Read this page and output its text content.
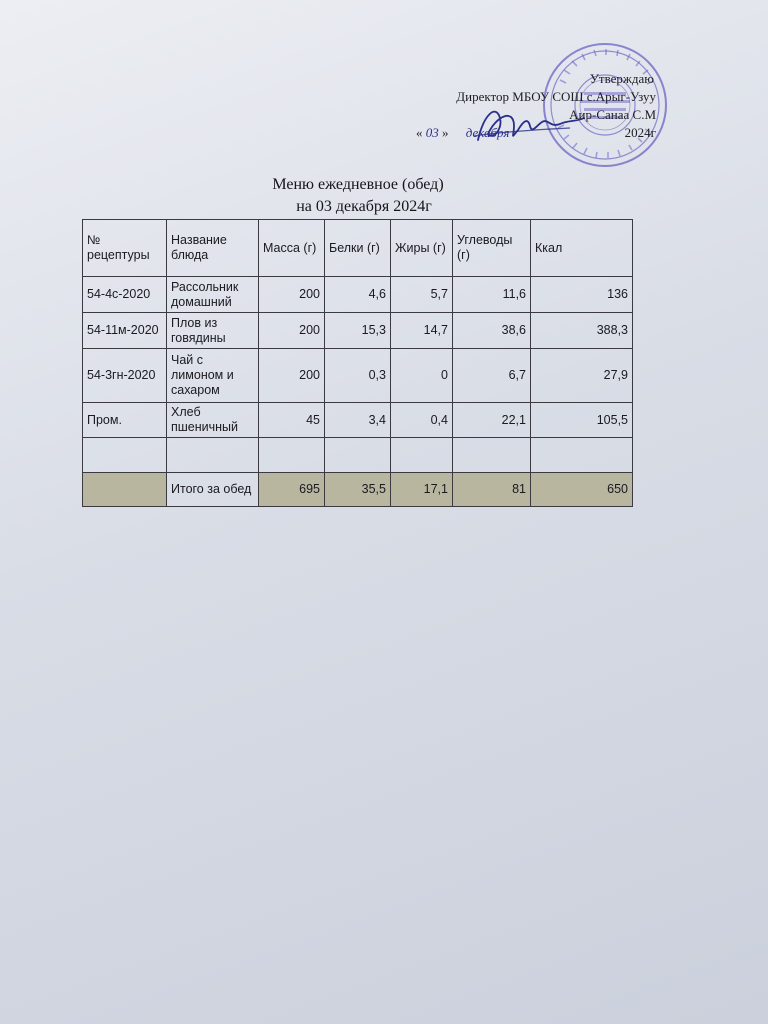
Утверждаю
Директор МБОУ СОШ с.Арыг-Узуу
Аир-Санаа С.М
« 03 » декабря	2024г
Меню ежедневное (обед)
на 03 декабря 2024г
№ рецептуры	Название блюда	Масса (г)	Белки (г)	Жиры (г)	Углеводы (г)	Ккал
54-4с-2020	Рассольник домашний	200	4,6	5,7	11,6	136
54-11м-2020	Плов из говядины	200	15,3	14,7	38,6	388,3
54-3гн-2020	Чай с лимоном и сахаром	200	0,3	0	6,7	27,9
Пром.	Хлеб пшеничный	45	3,4	0,4	22,1	105,5

	Итого за обед	695	35,5	17,1	81	650
